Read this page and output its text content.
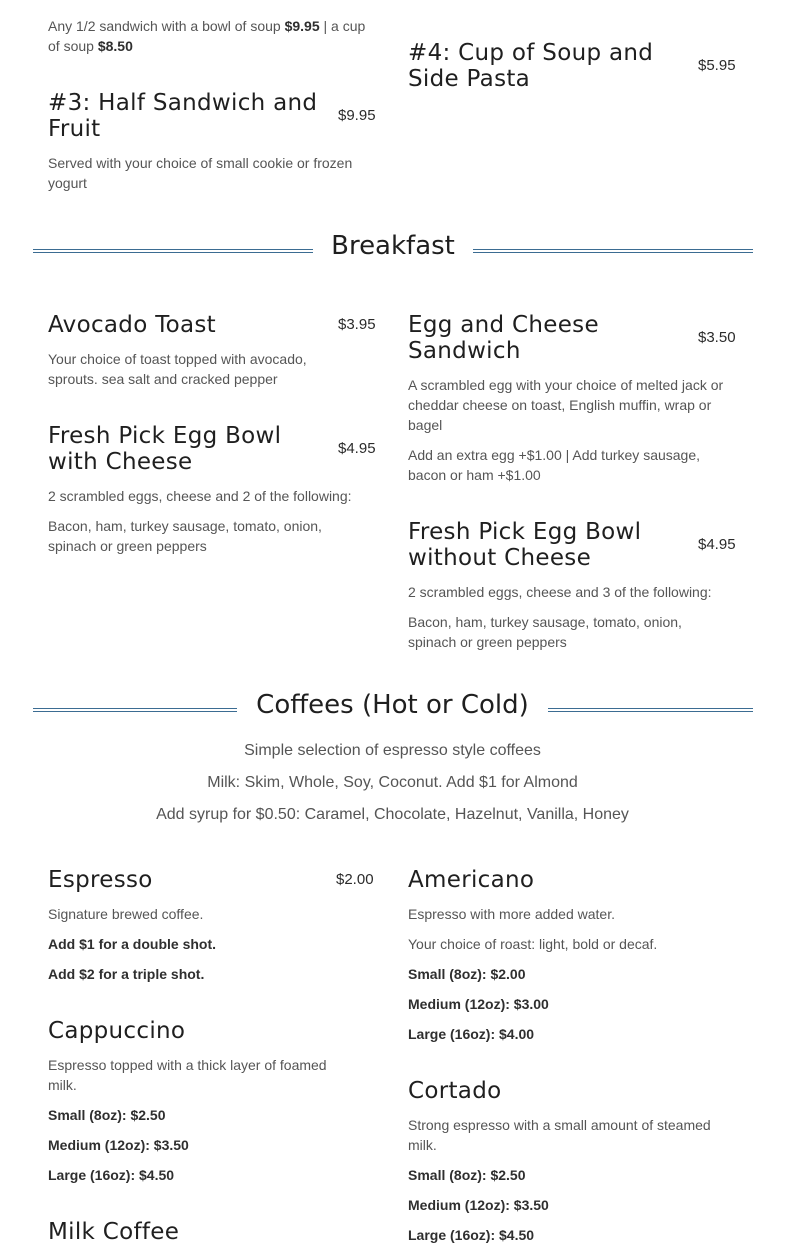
Any 1/2 sandwich with a bowl of soup $9.95 | a cup of soup $8.50
#3: Half Sandwich and Fruit
$9.95
Served with your choice of small cookie or frozen yogurt
#4: Cup of Soup and Side Pasta
$5.95
Breakfast
Avocado Toast	$3.95
Your choice of toast topped with avocado, sprouts. sea salt and cracked pepper
Egg and Cheese Sandwich
$3.50
A scrambled egg with your choice of melted jack or cheddar cheese on toast, English muffin, wrap or bagel
Add an extra egg +$1.00 | Add turkey sausage, bacon or ham +$1.00
Fresh Pick Egg Bowl with Cheese
$4.95
2 scrambled eggs, cheese and 2 of the following:
Bacon, ham, turkey sausage, tomato, onion, spinach or green peppers
Fresh Pick Egg Bowl without Cheese
$4.95
2 scrambled eggs, cheese and 3 of the following:
Bacon, ham, turkey sausage, tomato, onion, spinach or green peppers
Coffees (Hot or Cold)
Simple selection of espresso style coffees
Milk: Skim, Whole, Soy, Coconut. Add $1 for Almond
Add syrup for $0.50: Caramel, Chocolate, Hazelnut, Vanilla, Honey
Espresso	$2.00
Signature brewed coffee.
Add $1 for a double shot.
Add $2 for a triple shot.
Americano
Espresso with more added water.
Your choice of roast: light, bold or decaf.
Small (8oz): $2.00
Medium (12oz): $3.00
Large (16oz): $4.00
Cappuccino
Espresso topped with a thick layer of foamed milk.
Small (8oz): $2.50
Medium (12oz): $3.50
Large (16oz): $4.50
Cortado
Strong espresso with a small amount of steamed milk.
Small (8oz): $2.50
Medium (12oz): $3.50
Large (16oz): $4.50
Milk Coffee
